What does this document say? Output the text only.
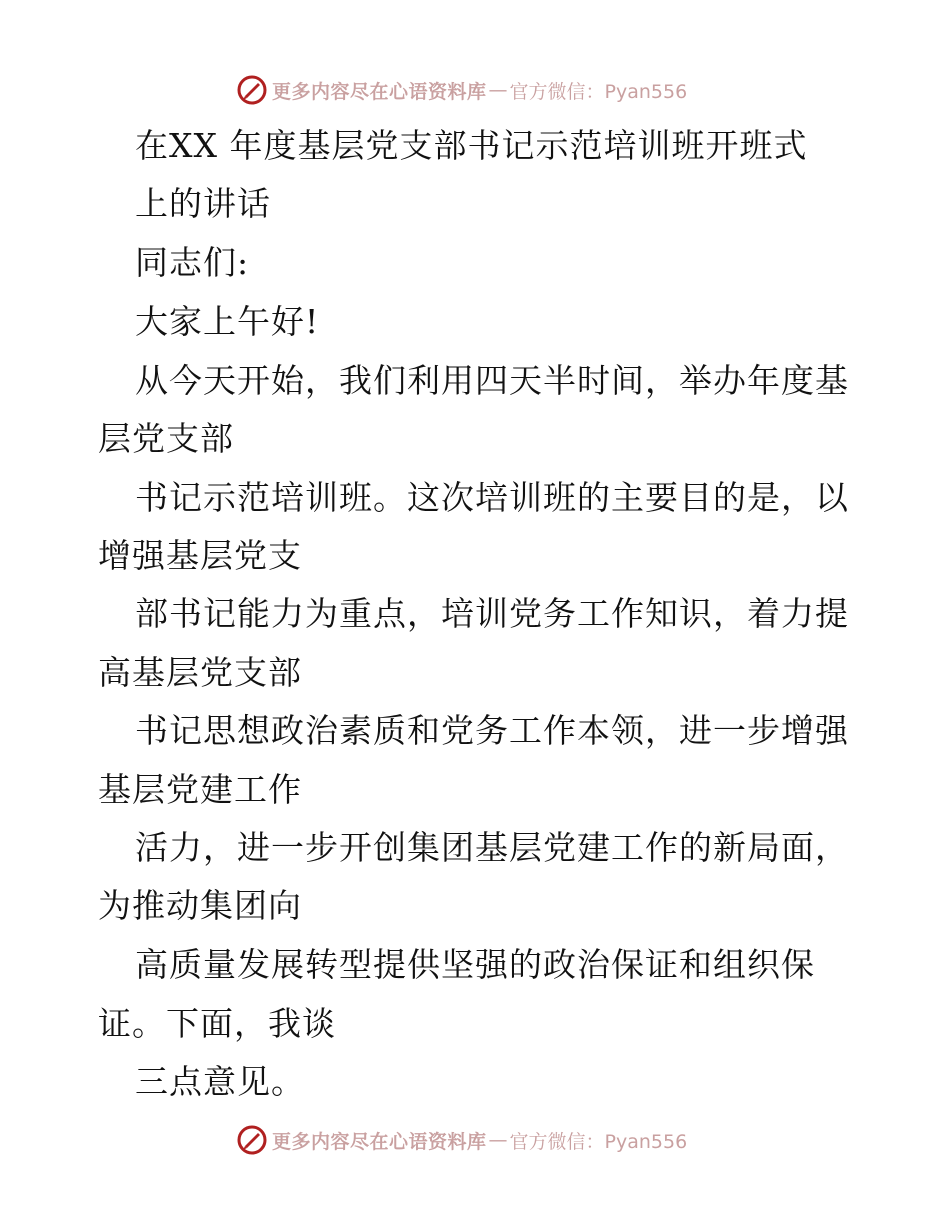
更多内容尽在心语资料库 — 官方微信：Pyan556
在XX 年度基层党支部书记示范培训班开班式
上的讲话
同志们:
大家上午好!
从今天开始，我们利用四天半时间，举办年度基
层党支部
书记示范培训班。这次培训班的主要目的是，以
增强基层党支
部书记能力为重点，培训党务工作知识，着力提
高基层党支部
书记思想政治素质和党务工作本领，进一步增强
基层党建工作
活力，进一步开创集团基层党建工作的新局面，
为推动集团向
高质量发展转型提供坚强的政治保证和组织保
证。下面，我谈
三点意见。
更多内容尽在心语资料库 — 官方微信：Pyan556
